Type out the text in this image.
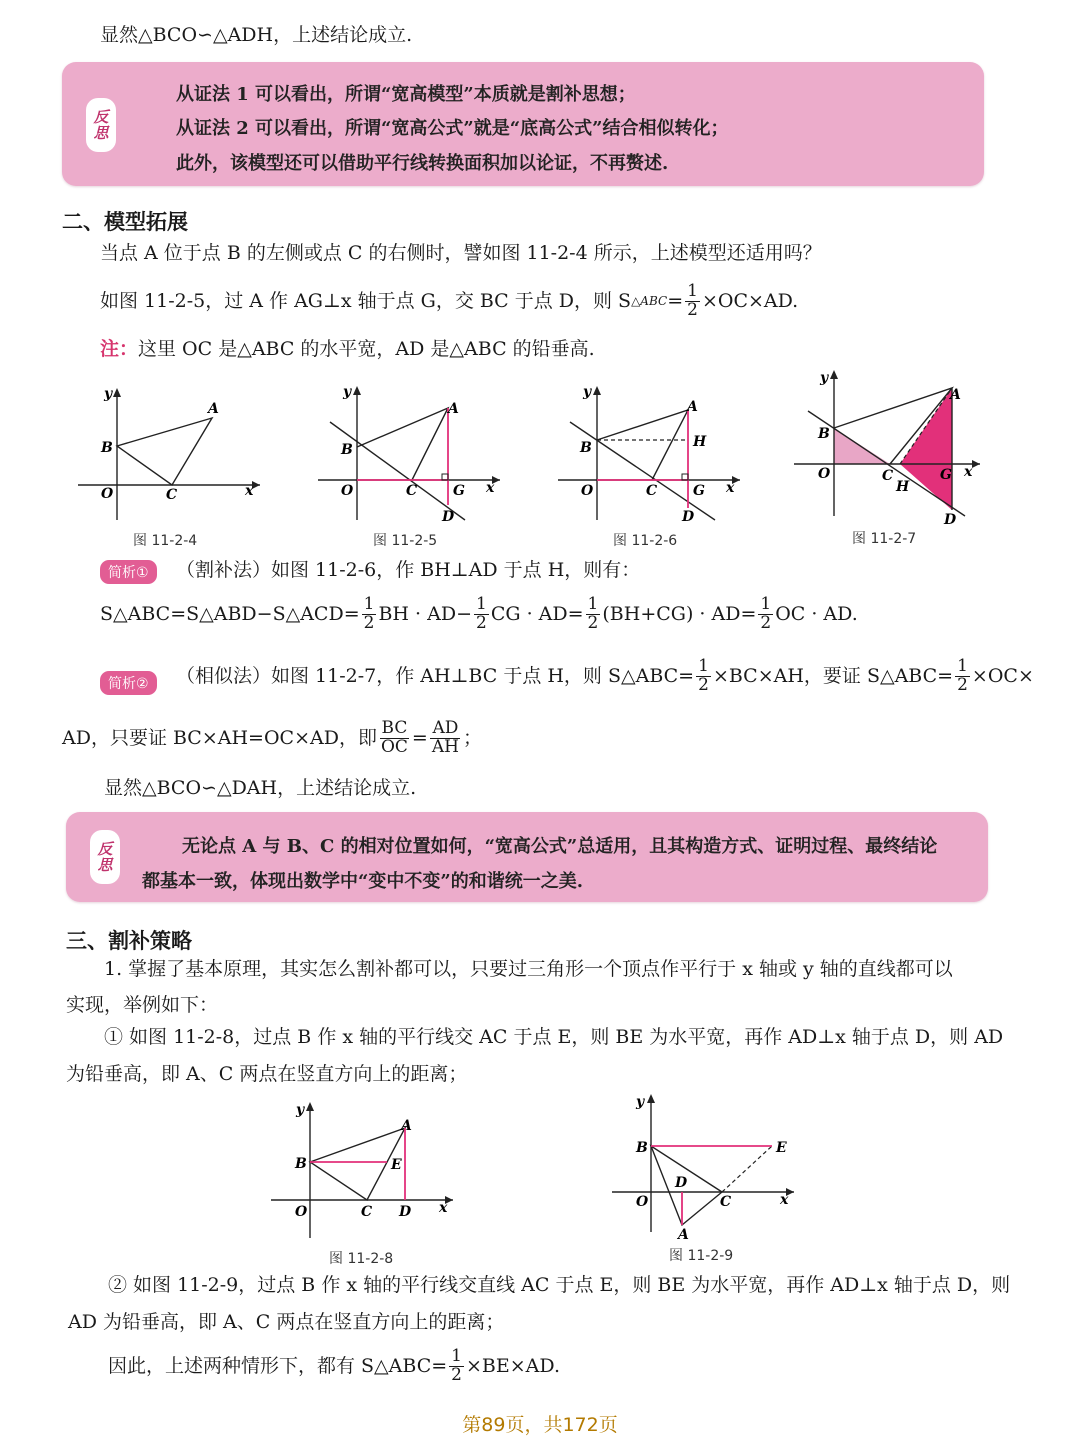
显然△BCO∽△ADH，上述结论成立.
反
思
从证法 1 可以看出，所谓“宽高模型”本质就是割补思想；
从证法 2 可以看出，所谓“宽高公式”就是“底高公式”结合相似转化；
此外，该模型还可以借助平行线转换面积加以论证，不再赘述.
二、模型拓展
当点 A 位于点 B 的左侧或点 C 的右侧时，譬如图 11-2-4 所示，上述模型还适用吗？
如图 11-2-5，过 A 作 AG⊥x 轴于点 G，交 BC 于点 D，则 S △ABC = $\frac{1}{2} \times OC\times AD$.
注：这里 OC 是△ABC 的水平宽，AD 是△ABC 的铅垂高.
y
x
O
B
A
C
图 11-2-4
y
x
O
B
A
C	G
D
图 11-2-5
y
x
O
B
A
H
C	G
D
图 11-2-6
y
x
O
B
A
C
H
G
D
图 11-2-7
简析①	（割补法）如图 11-2-6，作 BH⊥AD 于点 H，则有：
S△ABC=S△ABD−S△ACD= $\frac{1}{2}$ BH · $AD- \frac{1}{2}$ CG · $AD= \frac{1}{2} (BH+CG) \cdot AD= \frac{1}{2}$ OC · AD.
简析②	（相似法）如图 11-2-7，作 AH⊥BC 于点 H，则 S△ABC= $\frac{1}{2} \times BC\times AH$，要证 S△ABC= $\frac{1}{2} \times OC\times$
AD，只要证 BC×AH=OC×AD，即 $\frac{BC}{OC} = \frac{AD}{AH}$ ；
显然△BCO∽△DAH，上述结论成立.
反
思
无论点 A 与 B、C 的相对位置如何，“宽高公式”总适用，且其构造方式、证明过程、最终结论
都基本一致，体现出数学中“变中不变”的和谐统一之美.
三、割补策略
1. 掌握了基本原理，其实怎么割补都可以，只要过三角形一个顶点作平行于 x 轴或 y 轴的直线都可以
实现，举例如下：
① 如图 11-2-8，过点 B 作 x 轴的平行线交 AC 于点 E，则 BE 为水平宽，再作 AD⊥x 轴于点 D，则 AD
为铅垂高，即 A、C 两点在竖直方向上的距离；
y
x
O
B
A
E
C D
图 11-2-8
y
x
O
B	E
D
C
A
图 11-2-9
② 如图 11-2-9，过点 B 作 x 轴的平行线交直线 AC 于点 E，则 BE 为水平宽，再作 AD⊥x 轴于点 D，则
AD 为铅垂高，即 A、C 两点在竖直方向上的距离；
因此，上述两种情形下，都有 S△ABC= $\frac{1}{2} \times BE\times AD$.
第89页，共172页
